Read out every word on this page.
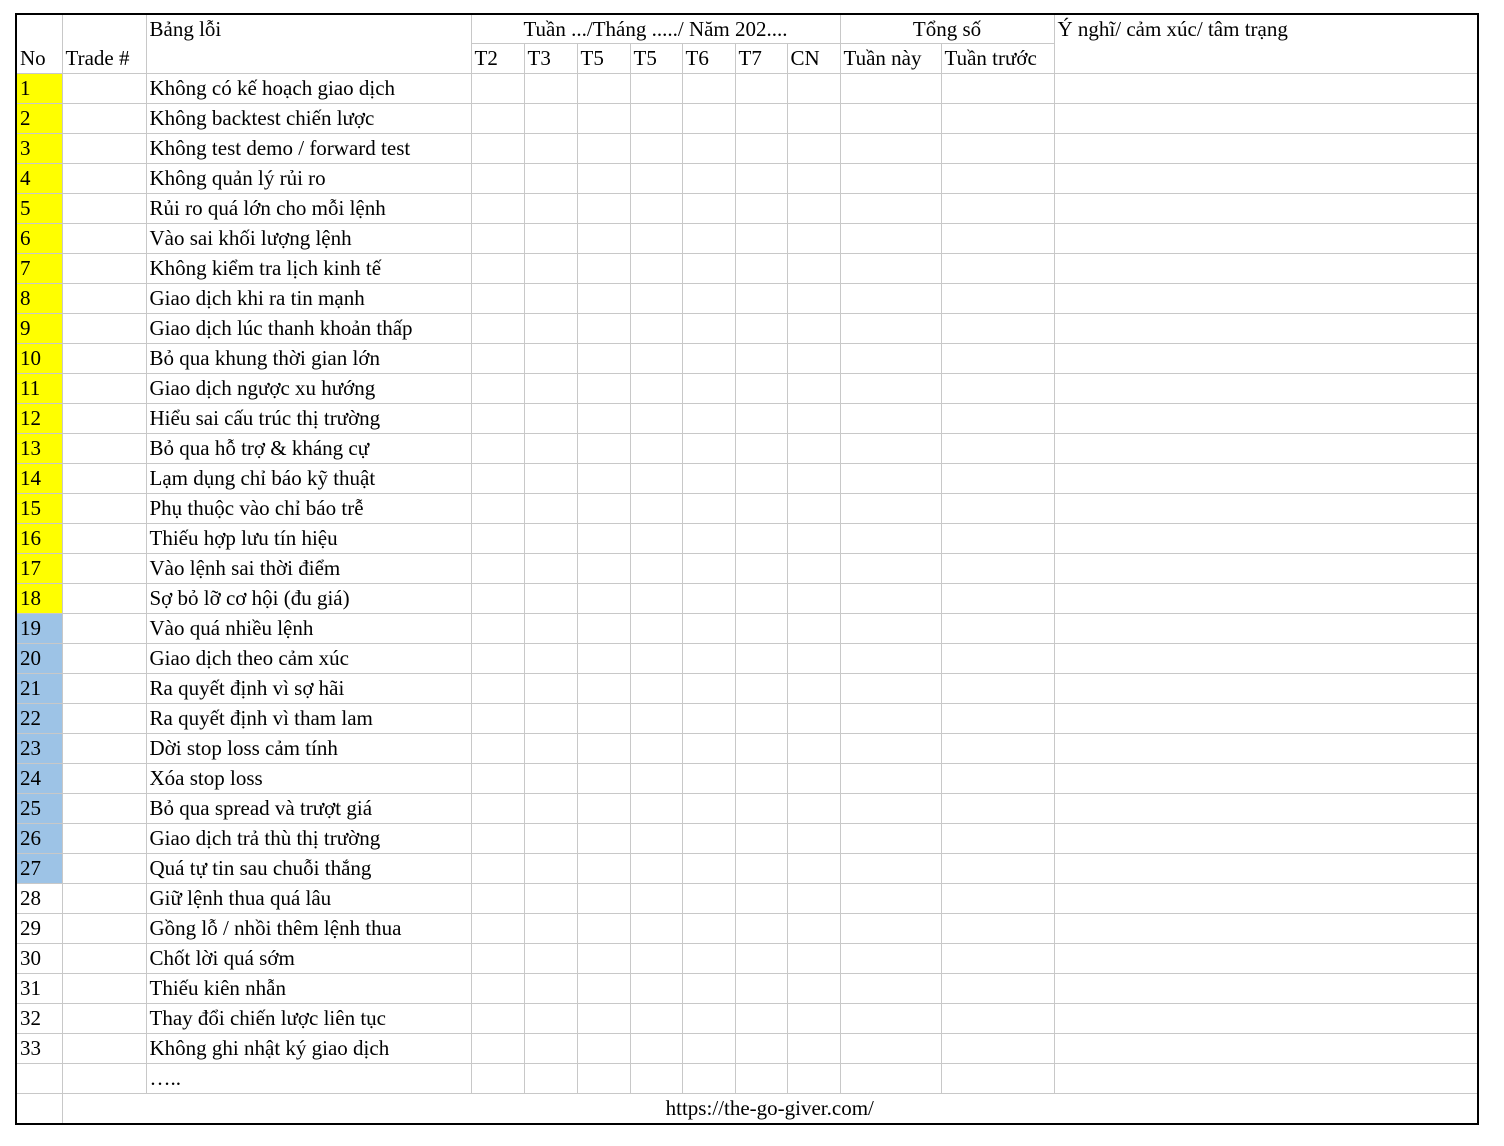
		Bảng lỗi	Tuần .../Tháng ...../ Năm 202....							Tổng số		Ý nghĩ/ cảm xúc/ tâm trạng
No	Trade #		T2	T3	T5	T5	T6	T7	CN	Tuần này	Tuần trước	
1		Không có kế hoạch giao dịch										
2		Không backtest chiến lược										
3		Không test demo / forward test										
4		Không quản lý rủi ro										
5		Rủi ro quá lớn cho mỗi lệnh										
6		Vào sai khối lượng lệnh										
7		Không kiểm tra lịch kinh tế										
8		Giao dịch khi ra tin mạnh										
9		Giao dịch lúc thanh khoản thấp										
10		Bỏ qua khung thời gian lớn										
11		Giao dịch ngược xu hướng										
12		Hiểu sai cấu trúc thị trường										
13		Bỏ qua hỗ trợ & kháng cự										
14		Lạm dụng chỉ báo kỹ thuật										
15		Phụ thuộc vào chỉ báo trễ										
16		Thiếu hợp lưu tín hiệu										
17		Vào lệnh sai thời điểm										
18		Sợ bỏ lỡ cơ hội (đu giá)										
19		Vào quá nhiều lệnh										
20		Giao dịch theo cảm xúc										
21		Ra quyết định vì sợ hãi										
22		Ra quyết định vì tham lam										
23		Dời stop loss cảm tính										
24		Xóa stop loss										
25		Bỏ qua spread và trượt giá										
26		Giao dịch trả thù thị trường										
27		Quá tự tin sau chuỗi thắng										
28		Giữ lệnh thua quá lâu										
29		Gồng lỗ / nhồi thêm lệnh thua										
30		Chốt lời quá sớm										
31		Thiếu kiên nhẫn										
32		Thay đổi chiến lược liên tục										
33		Không ghi nhật ký giao dịch										
		…..										
	https://the-go-giver.com/											
